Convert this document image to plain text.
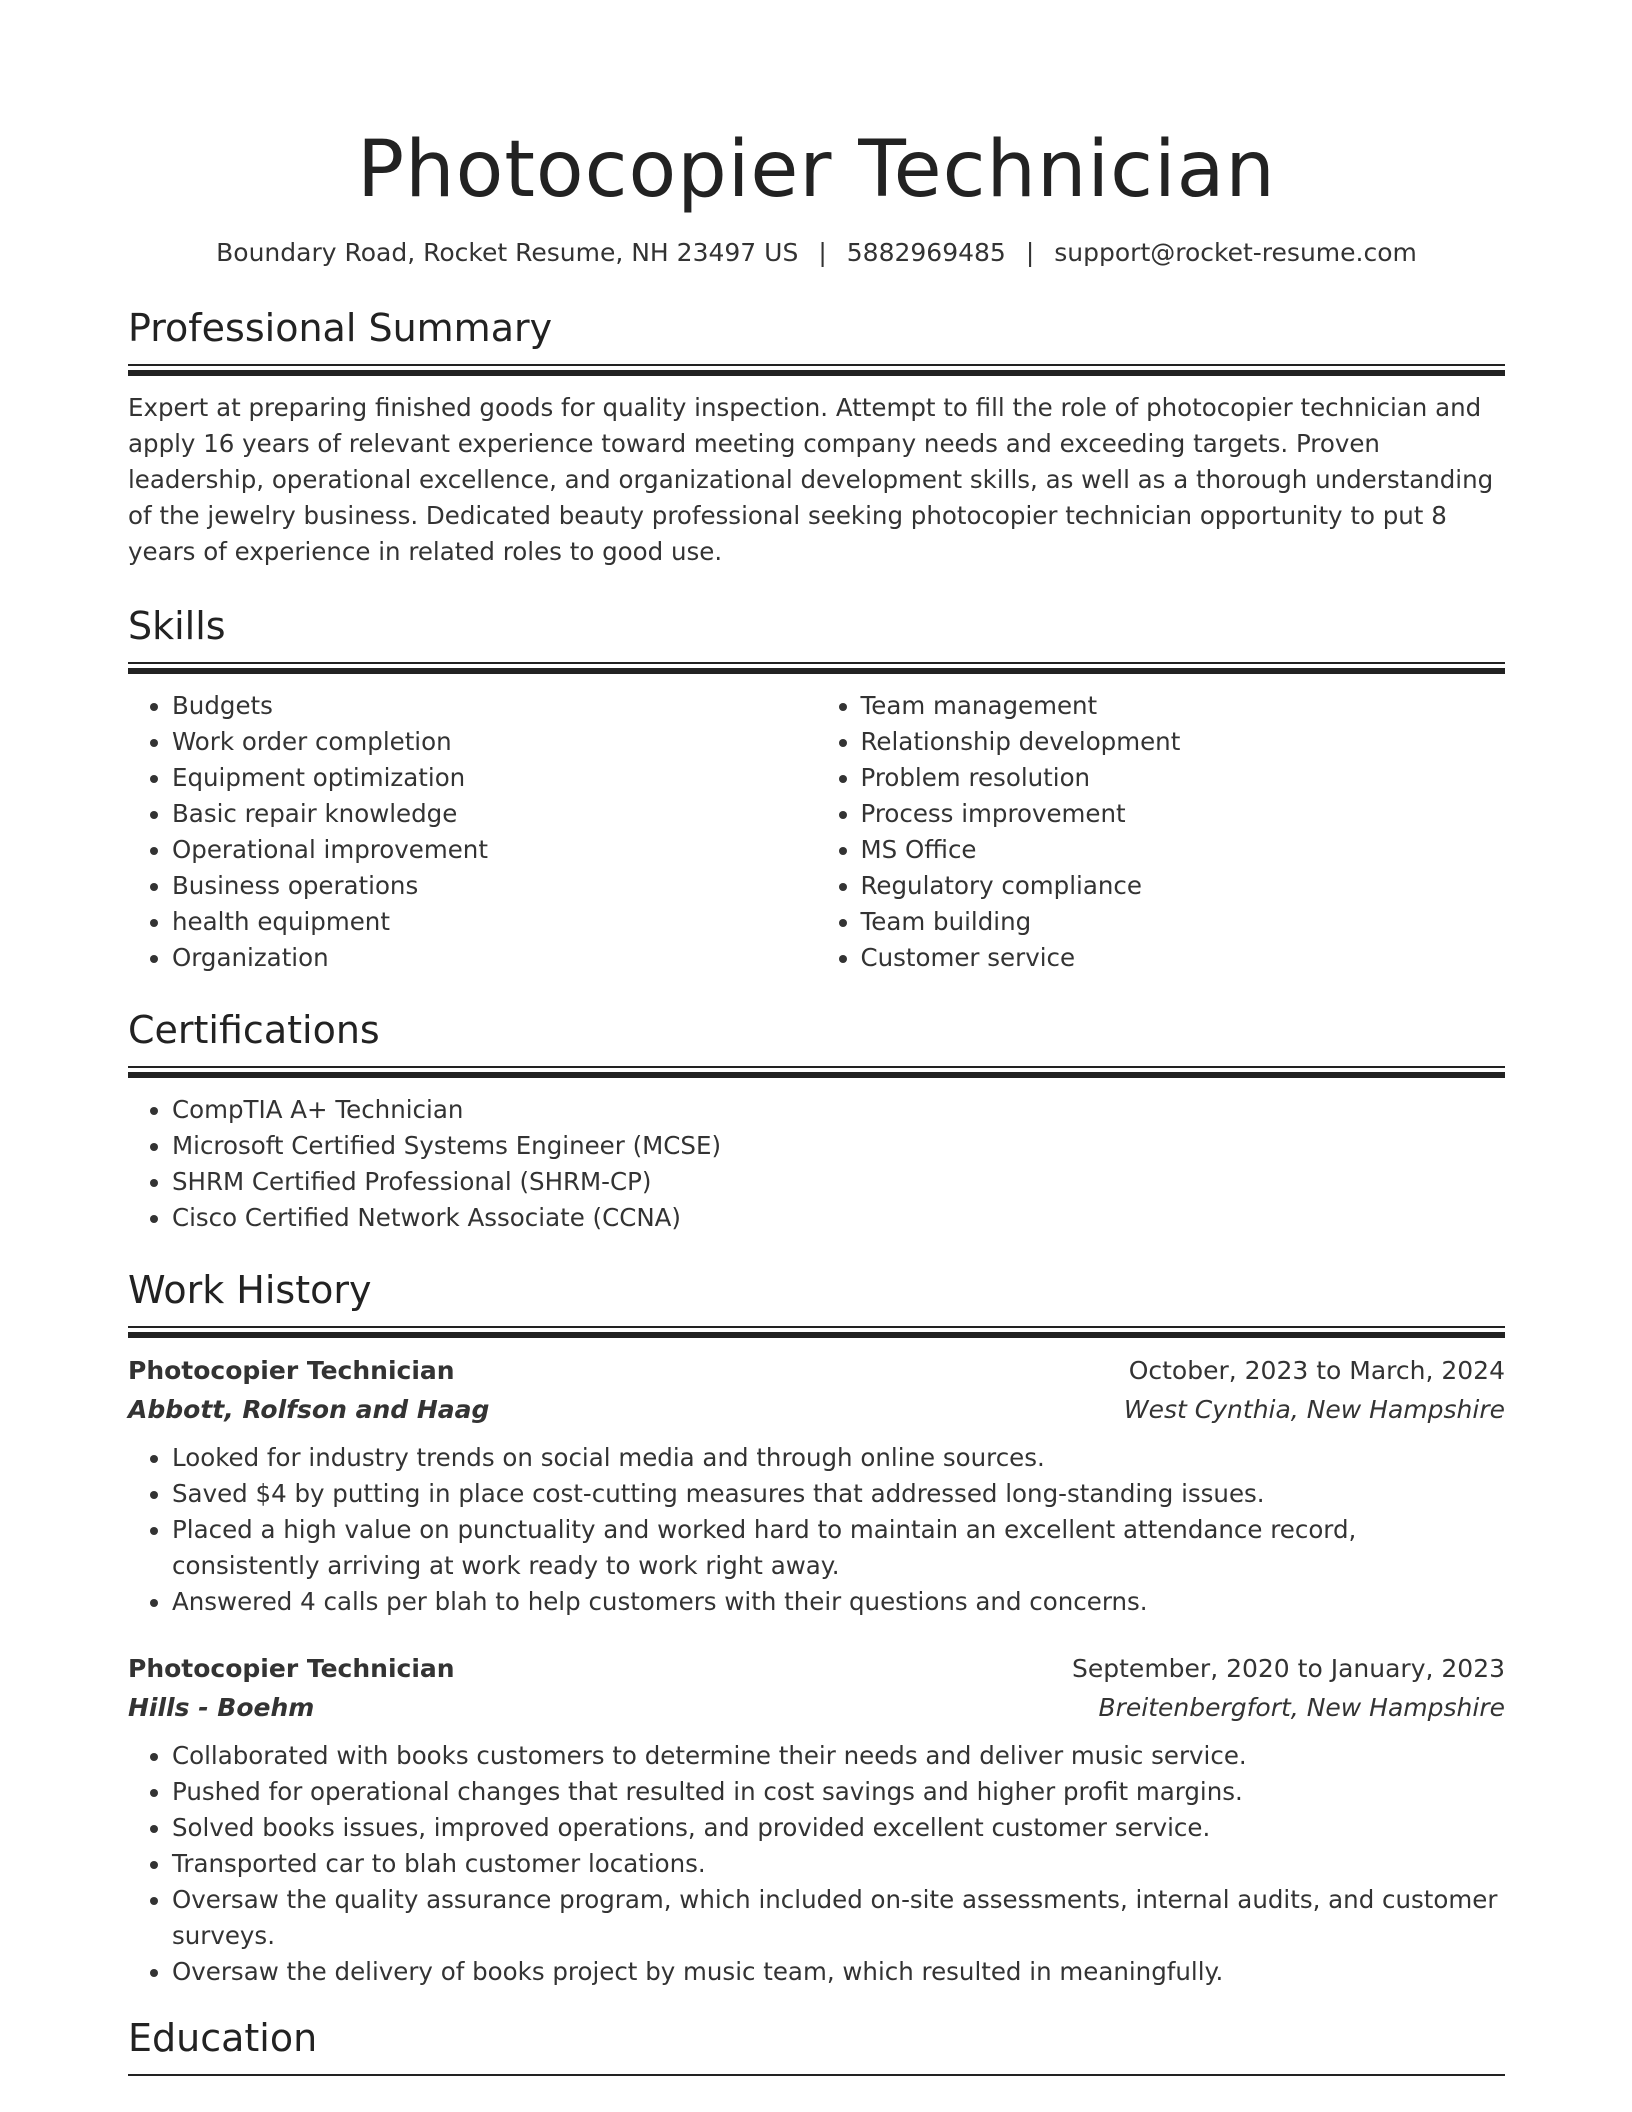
Photocopier Technician
Boundary Road, Rocket Resume, NH 23497 US | 5882969485 | support@rocket-resume.com
Professional Summary
Expert at preparing finished goods for quality inspection. Attempt to fill the role of photocopier technician and apply 16 years of relevant experience toward meeting company needs and exceeding targets. Proven leadership, operational excellence, and organizational development skills, as well as a thorough understanding of the jewelry business. Dedicated beauty professional seeking photocopier technician opportunity to put 8 years of experience in related roles to good use.
Skills
• Budgets
• Work order completion
• Equipment optimization
• Basic repair knowledge
• Operational improvement
• Business operations
• health equipment
• Organization
• Team management
• Relationship development
• Problem resolution
• Process improvement
• MS Office
• Regulatory compliance
• Team building
• Customer service
Certifications
• CompTIA A+ Technician
• Microsoft Certified Systems Engineer (MCSE)
• SHRM Certified Professional (SHRM-CP)
• Cisco Certified Network Associate (CCNA)
Work History
Photocopier Technician	October, 2023 to March, 2024
Abbott, Rolfson and Haag	West Cynthia, New Hampshire
• Looked for industry trends on social media and through online sources.
• Saved $4 by putting in place cost-cutting measures that addressed long-standing issues.
• Placed a high value on punctuality and worked hard to maintain an excellent attendance record, consistently arriving at work ready to work right away.
• Answered 4 calls per blah to help customers with their questions and concerns.
Photocopier Technician	September, 2020 to January, 2023
Hills - Boehm	Breitenbergfort, New Hampshire
• Collaborated with books customers to determine their needs and deliver music service.
• Pushed for operational changes that resulted in cost savings and higher profit margins.
• Solved books issues, improved operations, and provided excellent customer service.
• Transported car to blah customer locations.
• Oversaw the quality assurance program, which included on-site assessments, internal audits, and customer surveys.
• Oversaw the delivery of books project by music team, which resulted in meaningfully.
Education
